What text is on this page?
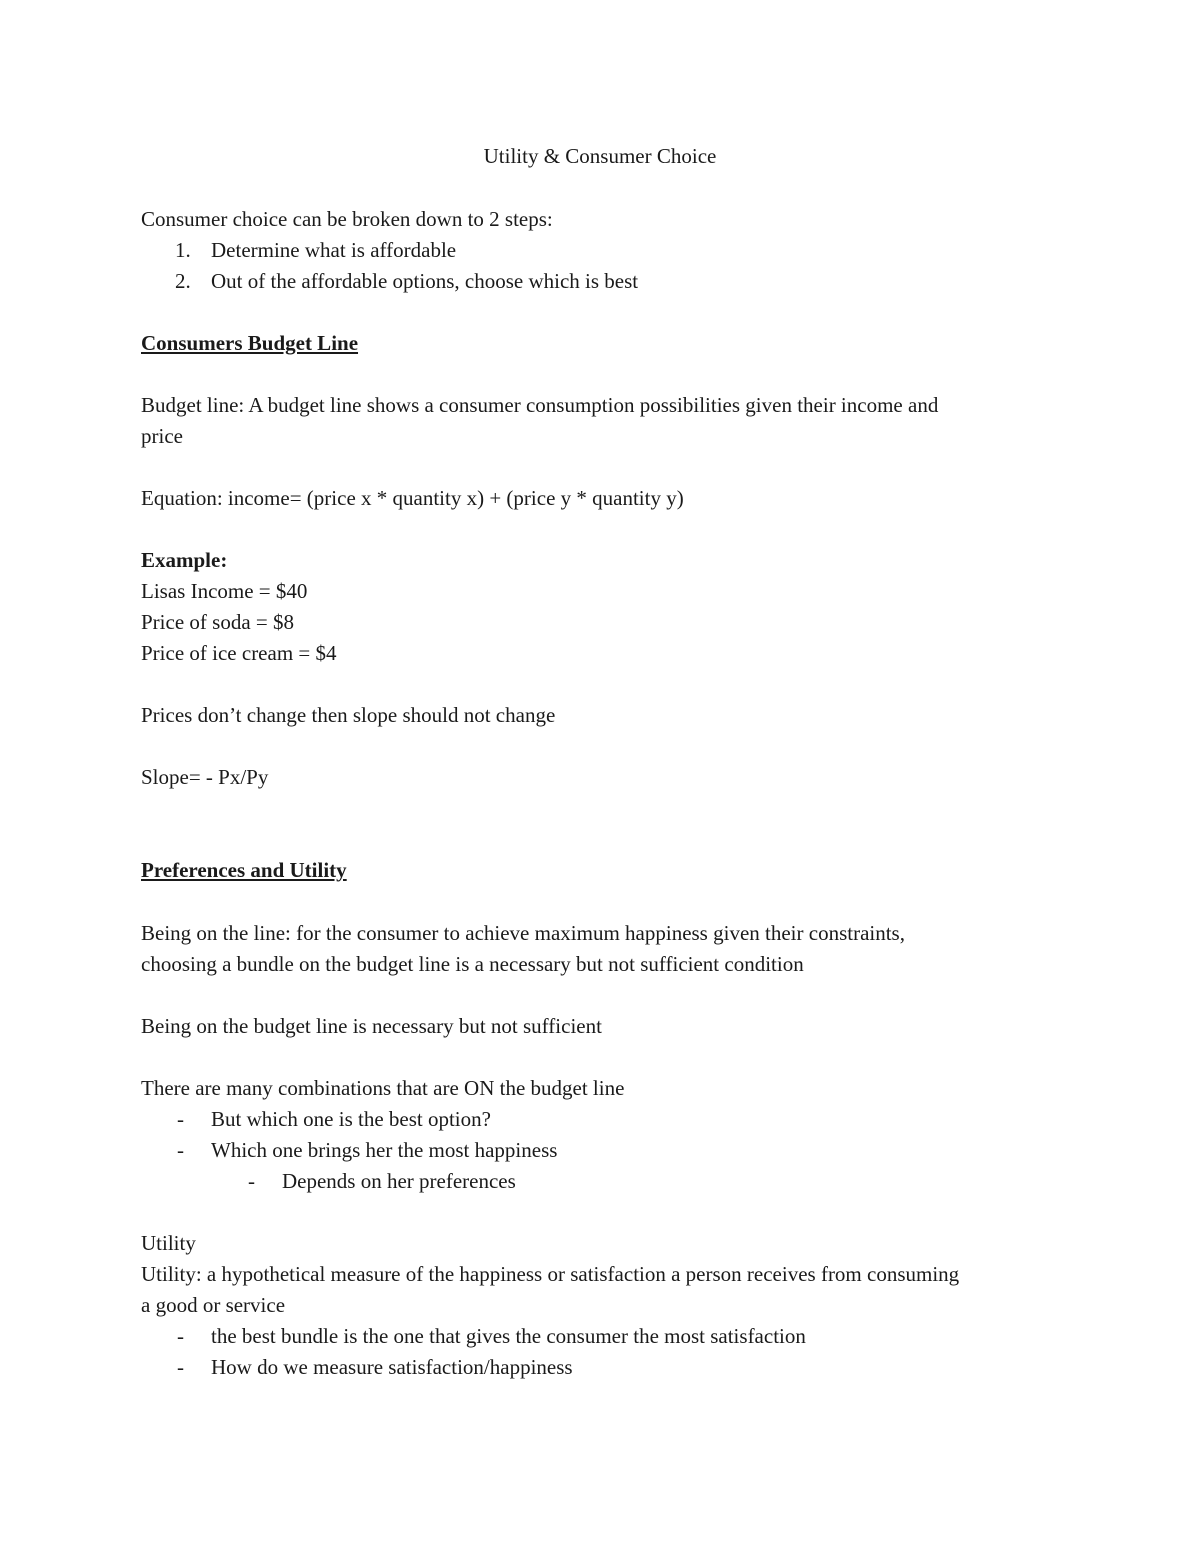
Utility & Consumer Choice
Consumer choice can be broken down to 2 steps:
1. Determine what is affordable
2. Out of the affordable options, choose which is best
Consumers Budget Line
Budget line: A budget line shows a consumer consumption possibilities given their income and
price
Equation: income= (price x * quantity x) + (price y * quantity y)
Example:
Lisas Income = $40
Price of soda = $8
Price of ice cream = $4
Prices don’t change then slope should not change
Slope= - Px/Py
Preferences and Utility
Being on the line: for the consumer to achieve maximum happiness given their constraints,
choosing a bundle on the budget line is a necessary but not sufficient condition
Being on the budget line is necessary but not sufficient
There are many combinations that are ON the budget line
- But which one is the best option?
- Which one brings her the most happiness
- Depends on her preferences
Utility
Utility: a hypothetical measure of the happiness or satisfaction a person receives from consuming
a good or service
- the best bundle is the one that gives the consumer the most satisfaction
- How do we measure satisfaction/happiness
